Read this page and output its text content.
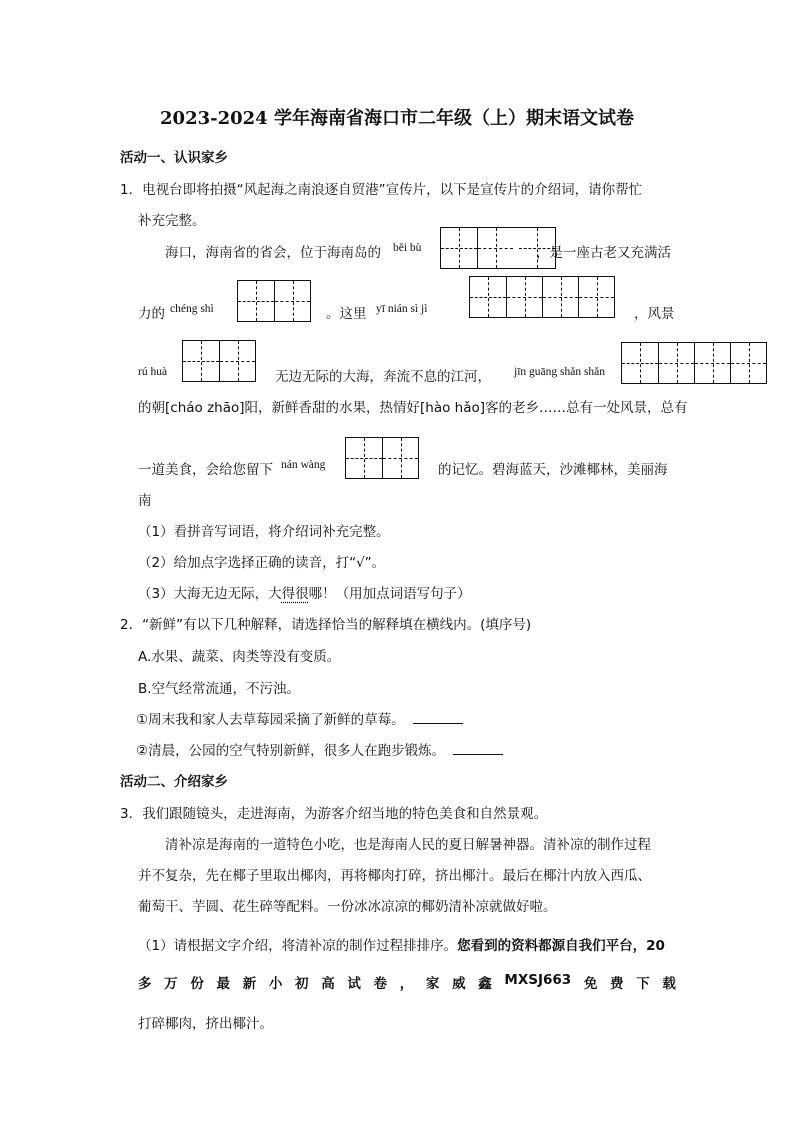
2023-2024 学年海南省海口市二年级（上）期末语文试卷
活动一、认识家乡
1．电视台即将拍摄“风起海之南浪逐自贸港”宣传片，以下是宣传片的介绍词，请你帮忙
补充完整。
海口，海南省的省会，位于海南岛的 běi bù	，是一座古老又充满活
力的 chéng shì	。这里 yī nián sì jì	，风景
rú huà	无边无际的大海，奔流不息的江河， jīn guāng shǎn shǎn
的朝[cháo zhāo]阳，新鲜香甜的水果，热情好[hào hǎo]客的老乡……总有一处风景，总有
一道美食，会给您留下 nán wàng	的记忆。碧海蓝天，沙滩椰林，美丽海
南
（1）看拼音写词语，将介绍词补充完整。
（2）给加点字选择正确的读音，打“√”。
（3）大海无边无际，大得很哪！（用加点词语写句子）
2．“新鲜”有以下几种解释，请选择恰当的解释填在横线内。(填序号)
A.水果、蔬菜、肉类等没有变质。
B.空气经常流通，不污浊。
①周末我和家人去草莓园采摘了新鲜的草莓。
②清晨，公园的空气特别新鲜，很多人在跑步锻炼。
活动二、介绍家乡
3．我们跟随镜头，走进海南，为游客介绍当地的特色美食和自然景观。
清补凉是海南的一道特色小吃，也是海南人民的夏日解暑神器。清补凉的制作过程
并不复杂，先在椰子里取出椰肉，再将椰肉打碎，挤出椰汁。最后在椰汁内放入西瓜、
葡萄干、芋圆、花生碎等配料。一份冰冰凉凉的椰奶清补凉就做好啦。
（1）请根据文字介绍，将清补凉的制作过程排排序。您看到的资料都源自我们平台，20
多 万 份 最 新 小 初 高 试 卷 ， 家 威 鑫 MXSJ663 免 费 下 载
打碎椰肉，挤出椰汁。
